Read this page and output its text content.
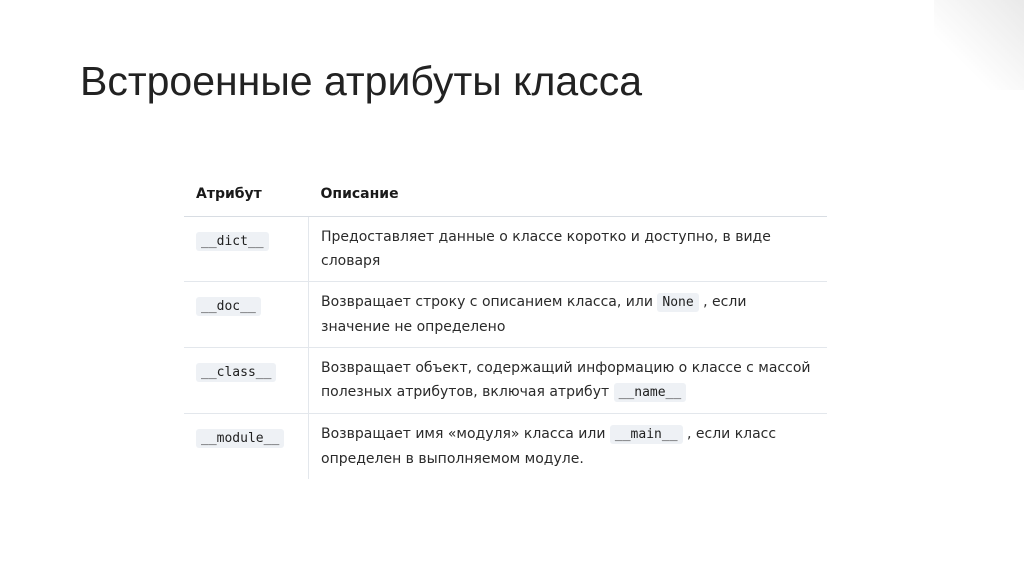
Встроенные атрибуты класса
Атрибут	Описание
__dict__	Предоставляет данные о классе коротко и доступно, в виде словаря
__doc__	Возвращает строку с описанием класса, или None , если значение не определено
__class__	Возвращает объект, содержащий информацию о классе с массой полезных атрибутов, включая атрибут __name__
__module__	Возвращает имя «модуля» класса или __main__ , если класс определен в выполняемом модуле.
